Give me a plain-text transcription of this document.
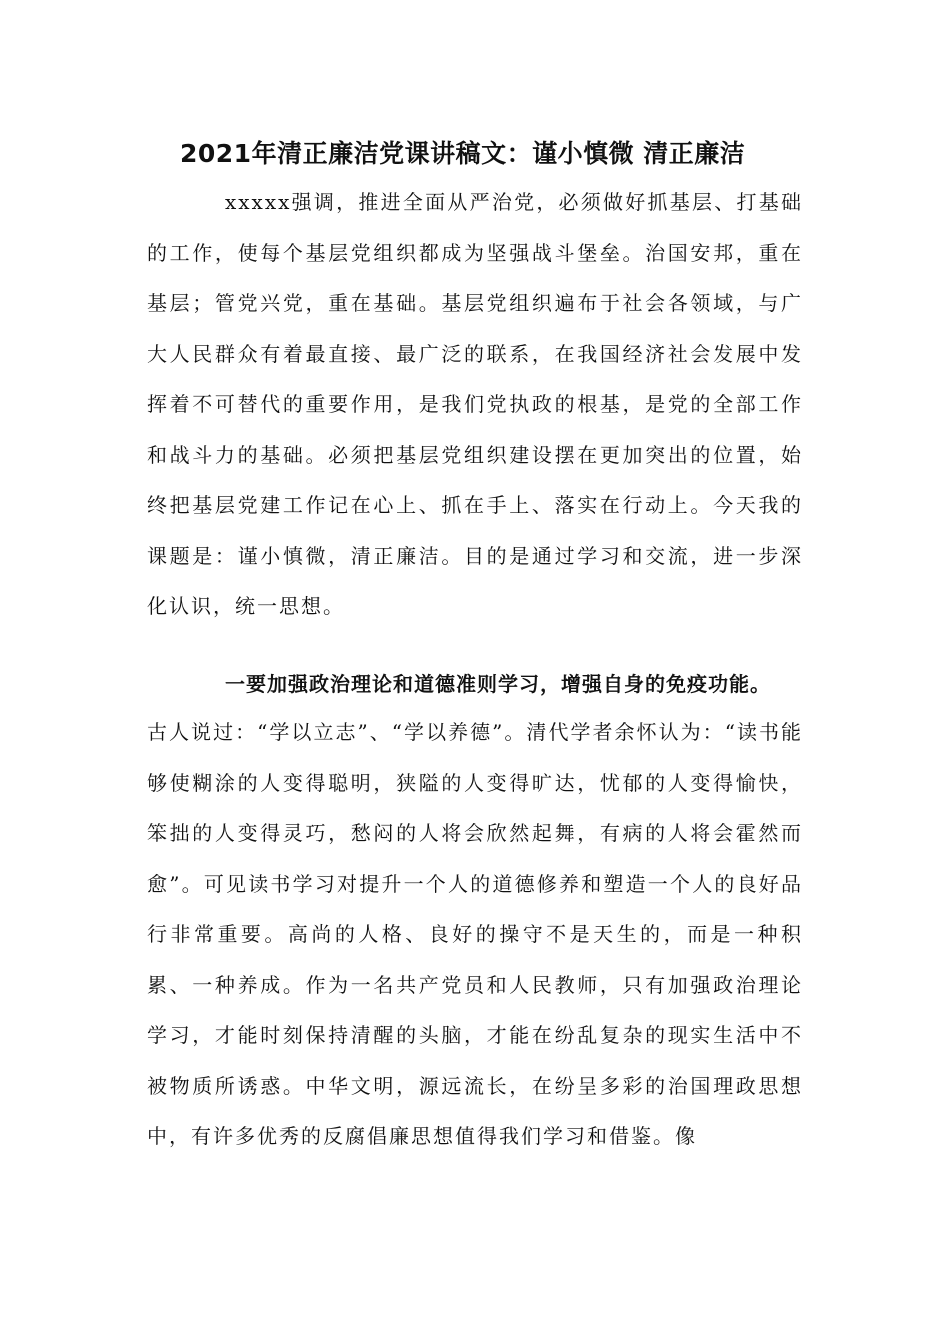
2021年清正廉洁党课讲稿文：谨小慎微 清正廉洁
xxxxx强调，推进全面从严治党，必须做好抓基层、打基础的工作，使每个基层党组织都成为坚强战斗堡垒。治国安邦，重在基层；管党兴党，重在基础。基层党组织遍布于社会各领域，与广大人民群众有着最直接、最广泛的联系，在我国经济社会发展中发挥着不可替代的重要作用，是我们党执政的根基，是党的全部工作和战斗力的基础。必须把基层党组织建设摆在更加突出的位置，始终把基层党建工作记在心上、抓在手上、落实在行动上。今天我的课题是：谨小慎微，清正廉洁。目的是通过学习和交流，进一步深化认识，统一思想。
一要加强政治理论和道德准则学习，增强自身的免疫功能。
古人说过：“学以立志”、“学以养德”。清代学者余怀认为：“读书能够使糊涂的人变得聪明，狭隘的人变得旷达，忧郁的人变得愉快，笨拙的人变得灵巧，愁闷的人将会欣然起舞，有病的人将会霍然而愈”。可见读书学习对提升一个人的道德修养和塑造一个人的良好品行非常重要。高尚的人格、良好的操守不是天生的，而是一种积累、一种养成。作为一名共产党员和人民教师，只有加强政治理论学习，才能时刻保持清醒的头脑，才能在纷乱复杂的现实生活中不被物质所诱惑。中华文明，源远流长，在纷呈多彩的治国理政思想中，有许多优秀的反腐倡廉思想值得我们学习和借鉴。像
